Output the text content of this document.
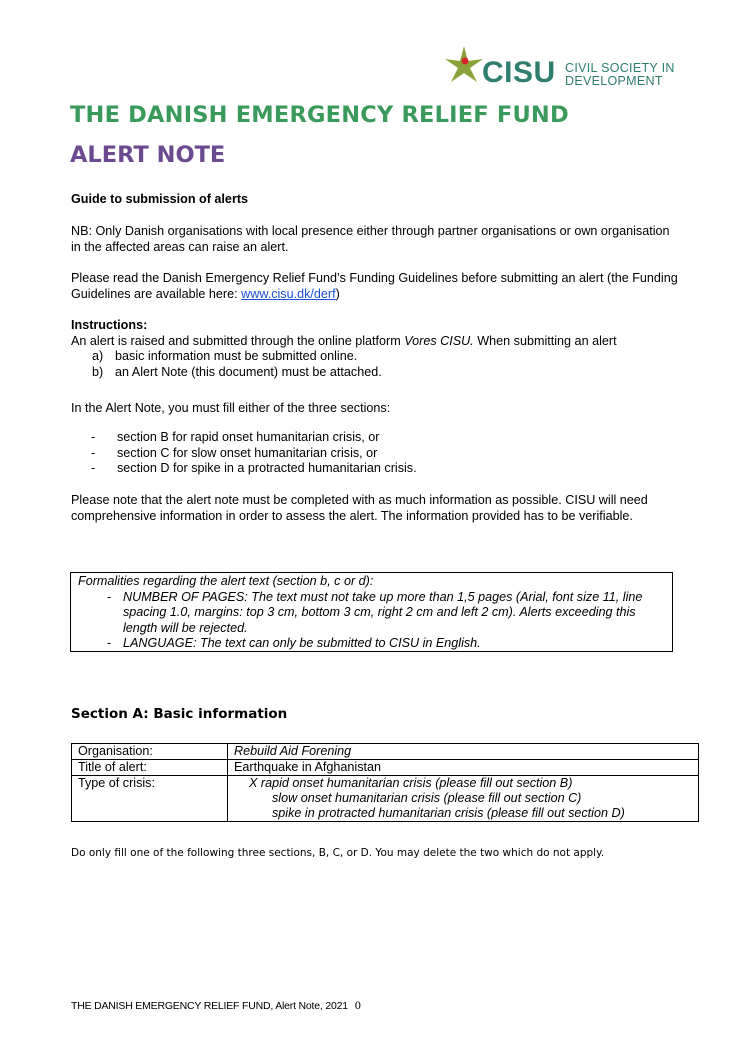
CISU CIVIL SOCIETY IN
DEVELOPMENT
THE DANISH EMERGENCY RELIEF FUND
ALERT NOTE
Guide to submission of alerts
NB: Only Danish organisations with local presence either through partner organisations or own organisation in the affected areas can raise an alert.
Please read the Danish Emergency Relief Fund’s Funding Guidelines before submitting an alert (the Funding Guidelines are available here: www.cisu.dk/derf)
Instructions:
An alert is raised and submitted through the online platform Vores CISU. When submitting an alert
a) basic information must be submitted online.
b) an Alert Note (this document) must be attached.
In the Alert Note, you must fill either of the three sections:
- section B for rapid onset humanitarian crisis, or
- section C for slow onset humanitarian crisis, or
- section D for spike in a protracted humanitarian crisis.
Please note that the alert note must be completed with as much information as possible. CISU will need comprehensive information in order to assess the alert. The information provided has to be verifiable.
Formalities regarding the alert text (section b, c or d):
- NUMBER OF PAGES: The text must not take up more than 1,5 pages (Arial, font size 11, line spacing 1.0, margins: top 3 cm, bottom 3 cm, right 2 cm and left 2 cm). Alerts exceeding this length will be rejected.
- LANGUAGE: The text can only be submitted to CISU in English.
Section A: Basic information
Organisation:	Rebuild Aid Forening
Title of alert:	Earthquake in Afghanistan
Type of crisis:	X rapid onset humanitarian crisis (please fill out section B)
slow onset humanitarian crisis (please fill out section C)
spike in protracted humanitarian crisis (please fill out section D)
Do only fill one of the following three sections, B, C, or D. You may delete the two which do not apply.
THE DANISH EMERGENCY RELIEF FUND, Alert Note, 2021 0
